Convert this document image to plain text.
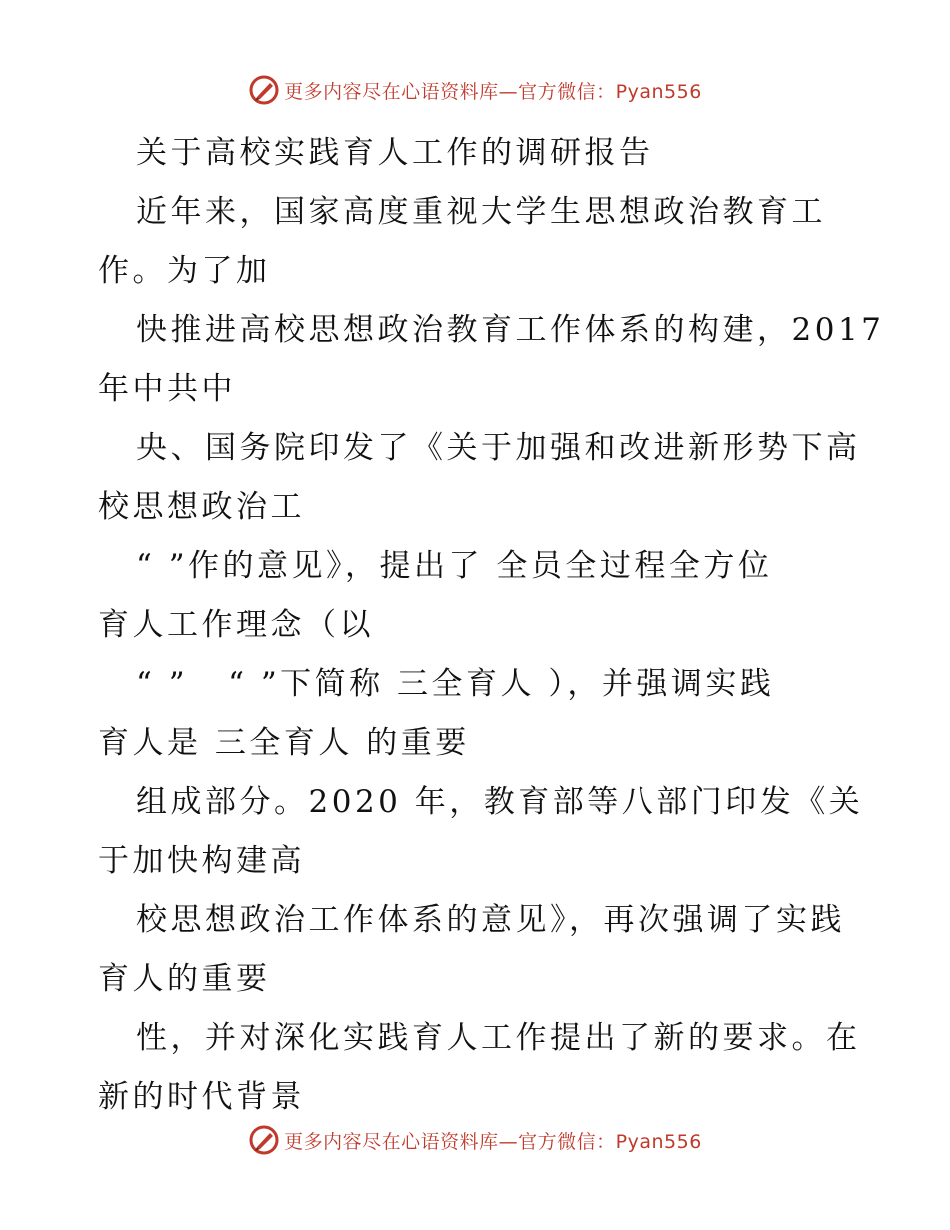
更多内容尽在心语资料库—官方微信：Pyan556
关于高校实践育人工作的调研报告
近年来，国家高度重视大学生思想政治教育工
作。为了加
快推进高校思想政治教育工作体系的构建，2017
年中共中
央、国务院印发了《关于加强和改进新形势下高
校思想政治工
“ ”作的意见》，提出了 全员全过程全方位
育人工作理念（以
“ ”   “ ”下简称 三全育人 ），并强调实践
育人是 三全育人 的重要
组成部分。2020 年，教育部等八部门印发《关
于加快构建高
校思想政治工作体系的意见》，再次强调了实践
育人的重要
性，并对深化实践育人工作提出了新的要求。在
新的时代背景
更多内容尽在心语资料库—官方微信：Pyan556
